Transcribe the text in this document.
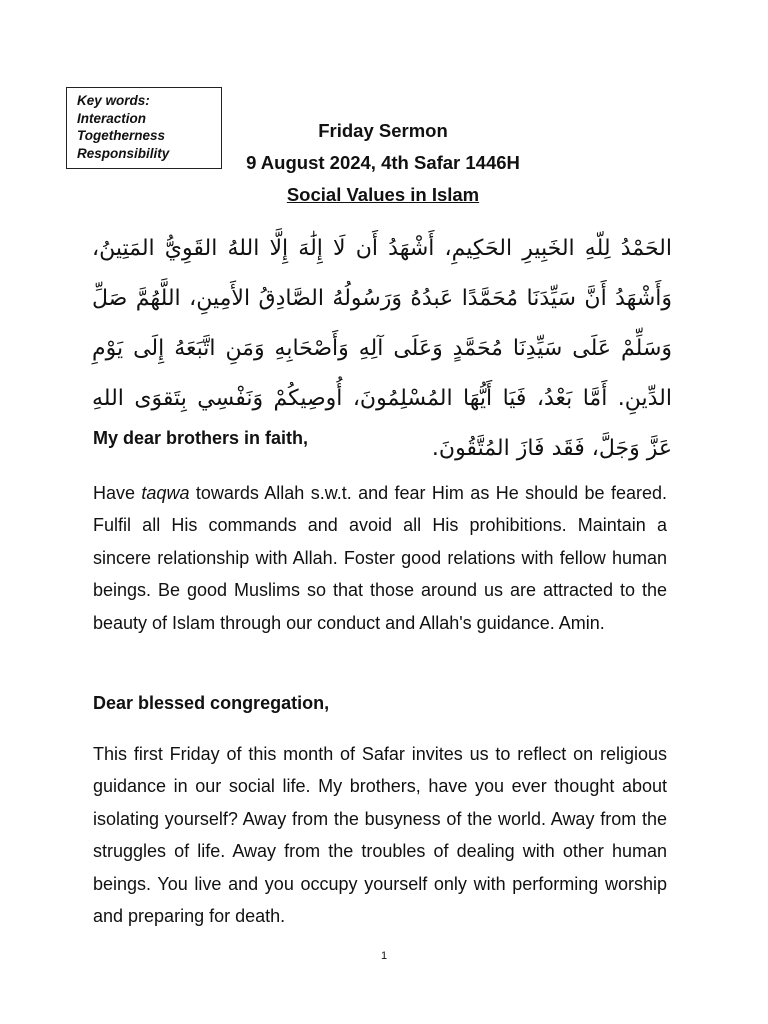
Key words:
Interaction
Togetherness
Responsibility
Friday Sermon
9 August 2024, 4th Safar 1446H
Social Values in Islam
الحَمْدُ لِلّهِ الخَبِيرِ الحَكِيمِ، أَشْهَدُ أَن لَا إِلَٰهَ إِلَّا اللهُ القَوِيُّ المَتِينُ، وَأَشْهَدُ أَنَّ سَيِّدَنَا مُحَمَّدًا عَبدُهُ وَرَسُولُهُ الصَّادِقُ الأَمِينِ، اللَّهُمَّ صَلِّ وَسَلِّمْ عَلَى سَيِّدِنَا مُحَمَّدٍ وَعَلَى آلِهِ وَأَصْحَابِهِ وَمَنِ اتَّبَعَهُ إِلَى يَوْمِ الدِّينِ. أَمَّا بَعْدُ، فَيَا أَيُّهَا المُسْلِمُونَ، أُوصِيكُمْ وَنَفْسِي بِتَقوَى اللهِ عَزَّ وَجَلَّ، فَقَد فَازَ المُتَّقُونَ.
My dear brothers in faith,
Have taqwa towards Allah s.w.t. and fear Him as He should be feared. Fulfil all His commands and avoid all His prohibitions. Maintain a sincere relationship with Allah. Foster good relations with fellow human beings. Be good Muslims so that those around us are attracted to the beauty of Islam through our conduct and Allah's guidance. Amin.
Dear blessed congregation,
This first Friday of this month of Safar invites us to reflect on religious guidance in our social life. My brothers, have you ever thought about isolating yourself? Away from the busyness of the world. Away from the struggles of life. Away from the troubles of dealing with other human beings. You live and you occupy yourself only with performing worship and preparing for death.
1
